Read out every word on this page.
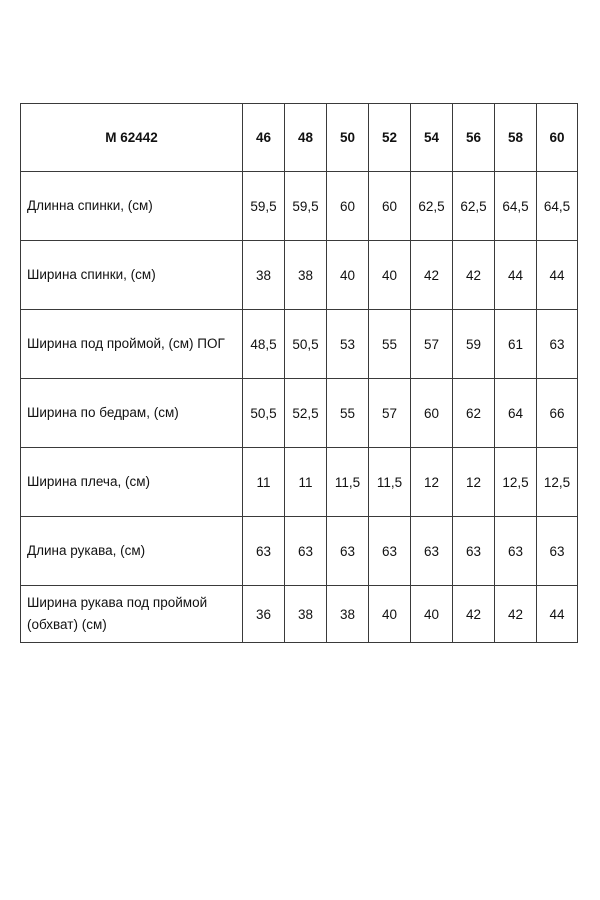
M 62442	46	48	50	52	54	56	58	60
Длинна спинки, (см)	59,5	59,5	60	60	62,5	62,5	64,5	64,5
Ширина спинки, (см)	38	38	40	40	42	42	44	44
Ширина под проймой, (см) ПОГ	48,5	50,5	53	55	57	59	61	63
Ширина по бедрам, (см)	50,5	52,5	55	57	60	62	64	66
Ширина плеча, (см)	11	11	11,5	11,5	12	12	12,5	12,5
Длина рукава, (см)	63	63	63	63	63	63	63	63
Ширина рукава под проймой (обхват) (см)	36	38	38	40	40	42	42	44
